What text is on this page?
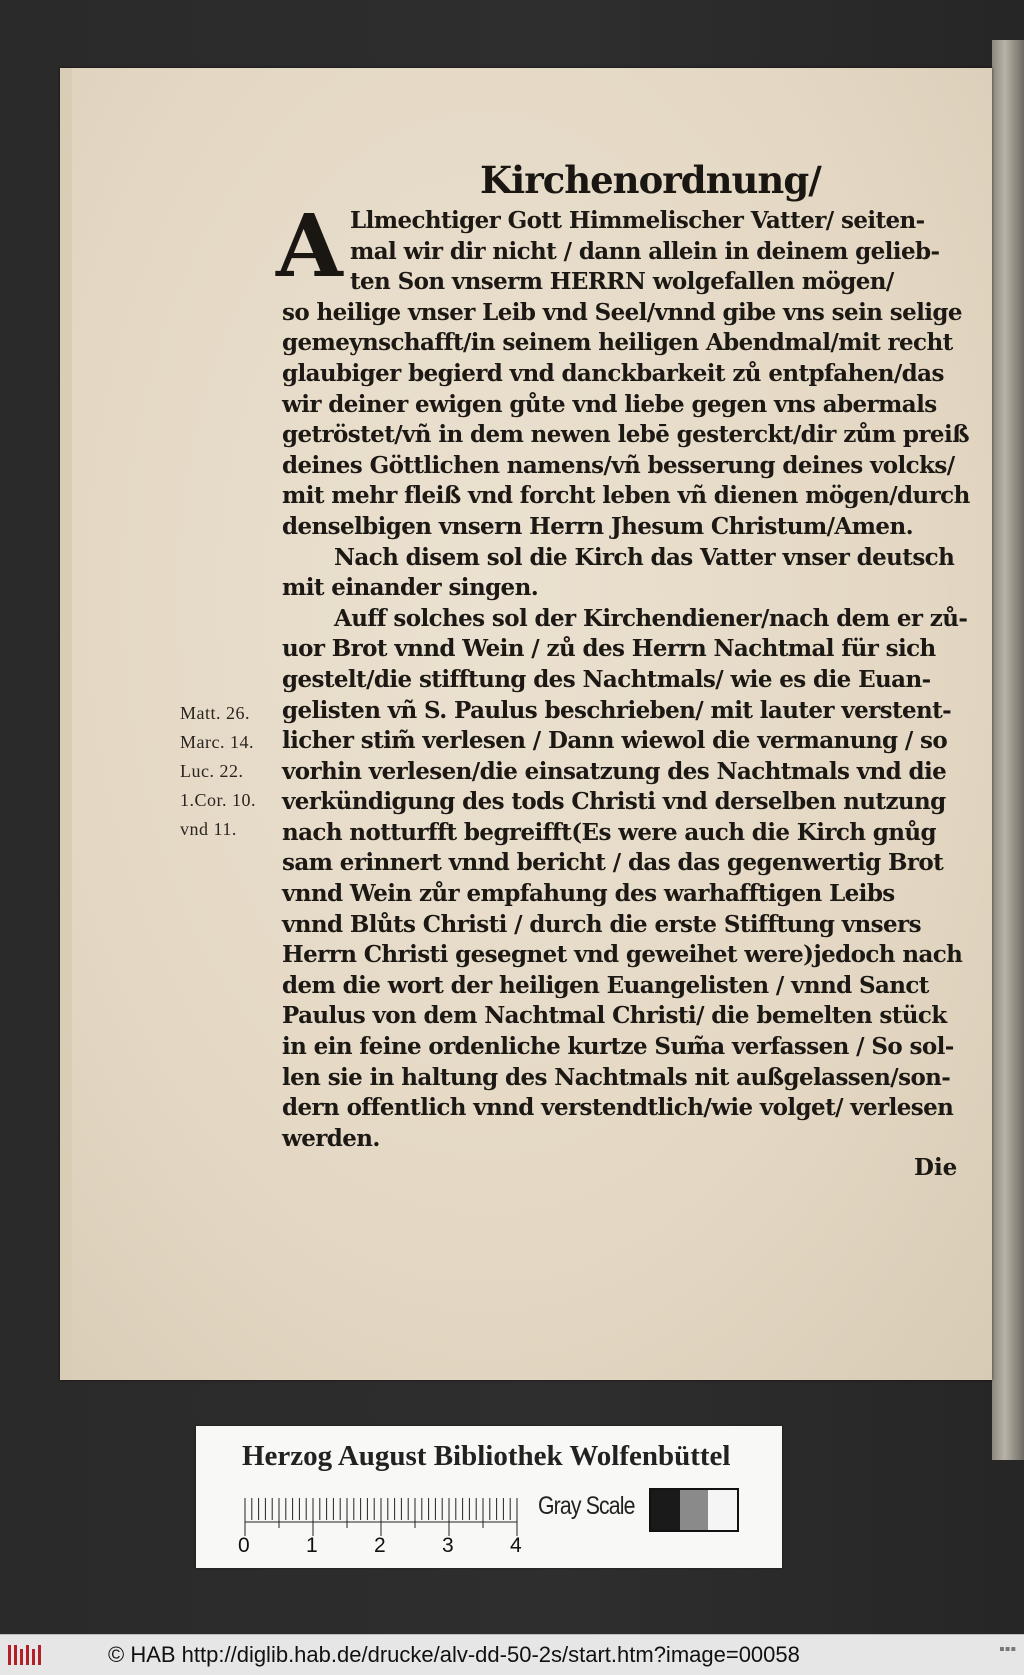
Kirchenordnung/
A Llmechtiger Gott Himmelischer Vatter/ seiten-
mal wir dir nicht / dann allein in deinem gelieb-
ten Son vnserm HERRN wolgefallen mögen/
so heilige vnser Leib vnd Seel/vnnd gibe vns sein selige
gemeynschafft/in seinem heiligen Abendmal/mit recht
glaubiger begierd vnd danckbarkeit zů entpfahen/das
wir deiner ewigen gůte vnd liebe gegen vns abermals
getröstet/vñ in dem newen lebē gesterckt/dir zům preiß
deines Göttlichen namens/vñ besserung deines volcks/
mit mehr fleiß vnd forcht leben vñ dienen mögen/durch
denselbigen vnsern Herrn Jhesum Christum/Amen.
Nach disem sol die Kirch das Vatter vnser deutsch
mit einander singen.
Auff solches sol der Kirchendiener/nach dem er zů-
uor Brot vnnd Wein / zů des Herrn Nachtmal für sich
gestelt/die stifftung des Nachtmals/ wie es die Euan-
gelisten vñ S. Paulus beschrieben/ mit lauter verstent-
licher stim̃ verlesen / Dann wiewol die vermanung / so
vorhin verlesen/die einsatzung des Nachtmals vnd die
verkündigung des tods Christi vnd derselben nutzung
nach notturfft begreifft(Es were auch die Kirch gnůg
sam erinnert vnnd bericht / das das gegenwertig Brot
vnnd Wein zůr empfahung des warhafftigen Leibs
vnnd Blůts Christi / durch die erste Stifftung vnsers
Herrn Christi gesegnet vnd geweihet were)jedoch nach
dem die wort der heiligen Euangelisten / vnnd Sanct
Paulus von dem Nachtmal Christi/ die bemelten stück
in ein feine ordenliche kurtze Sum̃a verfassen / So sol-
len sie in haltung des Nachtmals nit außgelassen/son-
dern offentlich vnnd verstendtlich/wie volget/ verlesen
werden.
Matt. 26.
Marc. 14.
Luc. 22.
1.Cor. 10.
vnd 11.
Die
Herzog August Bibliothek Wolfenbüttel
0	1	2	3	4
Gray Scale
© HAB http://diglib.hab.de/drucke/alv-dd-50-2s/start.htm?image=00058	▪▪▪
